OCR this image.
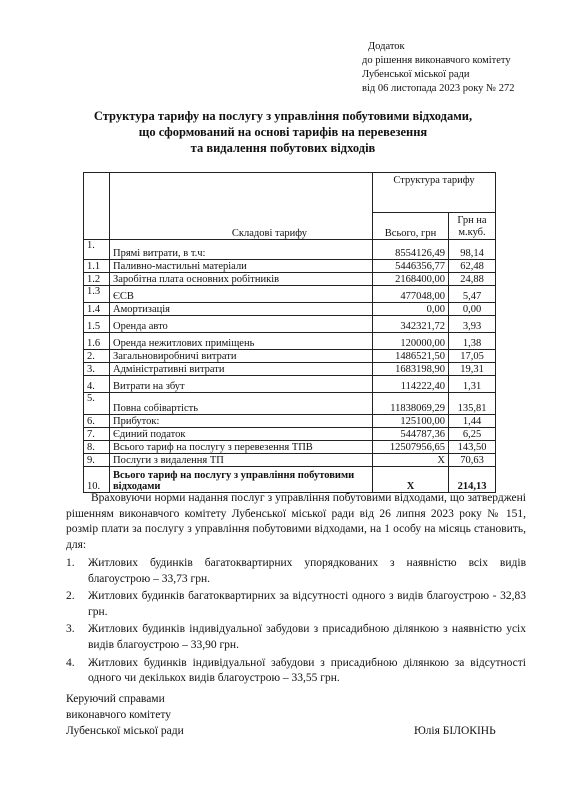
Додаток
до рішення виконавчого комітету
Лубенської міської ради
від 06 листопада 2023 року № 272
Структура тарифу на послугу з управління побутовими відходами,
що сформований на основі тарифів на перевезення
та видалення побутових відходів
	Складові тарифу	Структура тарифу	
		Всього, грн	Грн на
м.куб.

1.	Прямі витрати, в т.ч:	8554126,49	98,14
1.1	Паливно-мастильні матеріали	5446356,77	62,48
1.2	Заробітна плата основних робітників	2168400,00	24,88
1.3	ЄСВ	477048,00	5,47
1.4	Амортизація	0,00	0,00
1.5	Оренда авто	342321,72	3,93
1.6	Оренда нежитлових приміщень	120000,00	1,38
2.	Загальновиробничі витрати	1486521,50	17,05
3.	Адміністративні витрати	1683198,90	19,31
4.	Витрати на збут	114222,40	1,31
5.	Повна собівартість	11838069,29	135,81
6.	Прибуток:	125100,00	1,44
7.	Єдиний податок	544787,36	6,25
8.	Всього тариф на послугу з перевезення ТПВ	12507956,65	143,50
9.	Послуги з видалення ТП	Х	70,63
10.	Всього тариф на послугу з управління побутовими відходами	Х	214,13
Враховуючи норми надання послуг з управління побутовими відходами, що затверджені рішенням виконавчого комітету Лубенської міської ради від 26 липня 2023 року № 151, розмір плати за послугу з управління побутовими відходами, на 1 особу на місяць становить, для:
1. Житлових будинків багатоквартирних упорядкованих з наявністю всіх видів благоустрою – 33,73 грн.
2. Житлових будинків багатоквартирних за відсутності одного з видів благоустрою - 32,83 грн.
3. Житлових будинків індивідуальної забудови з присадибною ділянкою з наявністю усіх видів благоустрою – 33,90 грн.
4. Житлових будинків індивідуальної забудови з присадибною ділянкою за відсутності одного чи декількох видів благоустрою – 33,55 грн.
Керуючий справами
виконавчого комітету
Лубенської міської ради	Юлія БІЛОКІНЬ
